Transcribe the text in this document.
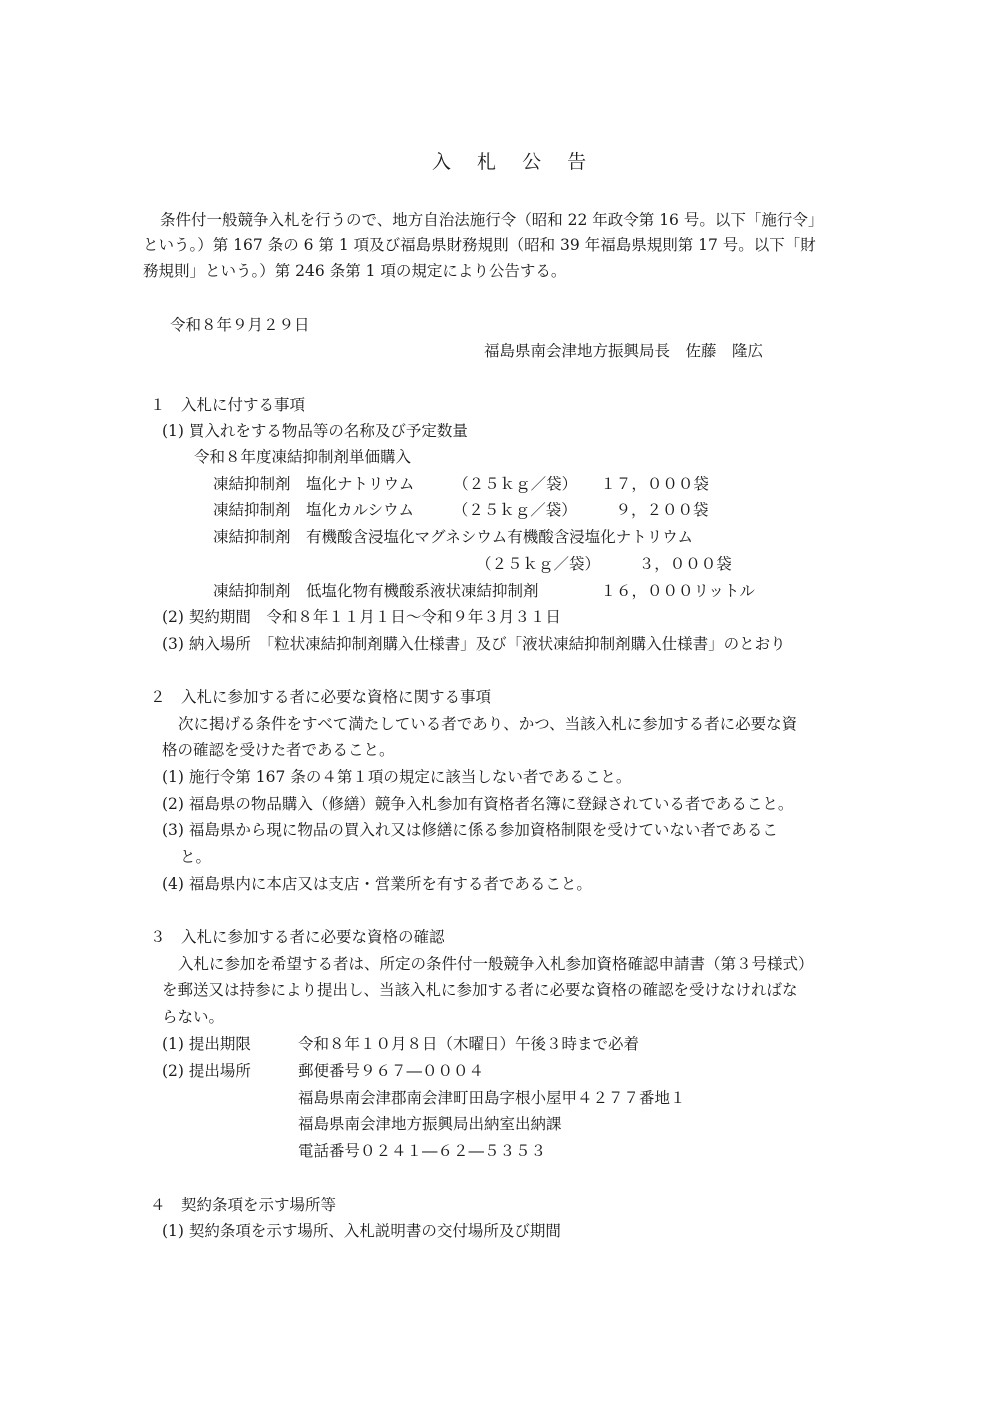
入 札 公 告
条件付一般競争入札を行うので、地方自治法施行令（昭和 22 年政令第 16 号。以下「施行令」
という。）第 167 条の 6 第 1 項及び福島県財務規則（昭和 39 年福島県規則第 17 号。以下「財
務規則」という。）第 246 条第 1 項の規定により公告する。
令和８年９月２９日
福島県南会津地方振興局長　佐藤　隆広
１　入札に付する事項
(1) 買入れをする物品等の名称及び予定数量
令和８年度凍結抑制剤単価購入
凍結抑制剤　塩化ナトリウム　　　（２５ｋｇ／袋）　　１７，０００袋
凍結抑制剤　塩化カルシウム　　　（２５ｋｇ／袋）　　　９，２００袋
凍結抑制剤　有機酸含浸塩化マグネシウム有機酸含浸塩化ナトリウム
（２５ｋｇ／袋）　　　３，０００袋
凍結抑制剤　低塩化物有機酸系液状凍結抑制剤　　　　１６，０００リットル
(2) 契約期間　令和８年１１月１日～令和９年３月３１日
(3) 納入場所　「粒状凍結抑制剤購入仕様書」及び「液状凍結抑制剤購入仕様書」のとおり
２　入札に参加する者に必要な資格に関する事項
次に掲げる条件をすべて満たしている者であり、かつ、当該入札に参加する者に必要な資
格の確認を受けた者であること。
(1) 施行令第 167 条の４第１項の規定に該当しない者であること。
(2) 福島県の物品購入（修繕）競争入札参加有資格者名簿に登録されている者であること。
(3) 福島県から現に物品の買入れ又は修繕に係る参加資格制限を受けていない者であるこ
と。
(4) 福島県内に本店又は支店・営業所を有する者であること。
３　入札に参加する者に必要な資格の確認
入札に参加を希望する者は、所定の条件付一般競争入札参加資格確認申請書（第３号様式）
を郵送又は持参により提出し、当該入札に参加する者に必要な資格の確認を受けなければな
らない。
(1) 提出期限	令和８年１０月８日（木曜日）午後３時まで必着
(2) 提出場所	郵便番号９６７―０００４
福島県南会津郡南会津町田島字根小屋甲４２７７番地１
福島県南会津地方振興局出納室出納課
電話番号０２４１―６２―５３５３
４　契約条項を示す場所等
(1) 契約条項を示す場所、入札説明書の交付場所及び期間
